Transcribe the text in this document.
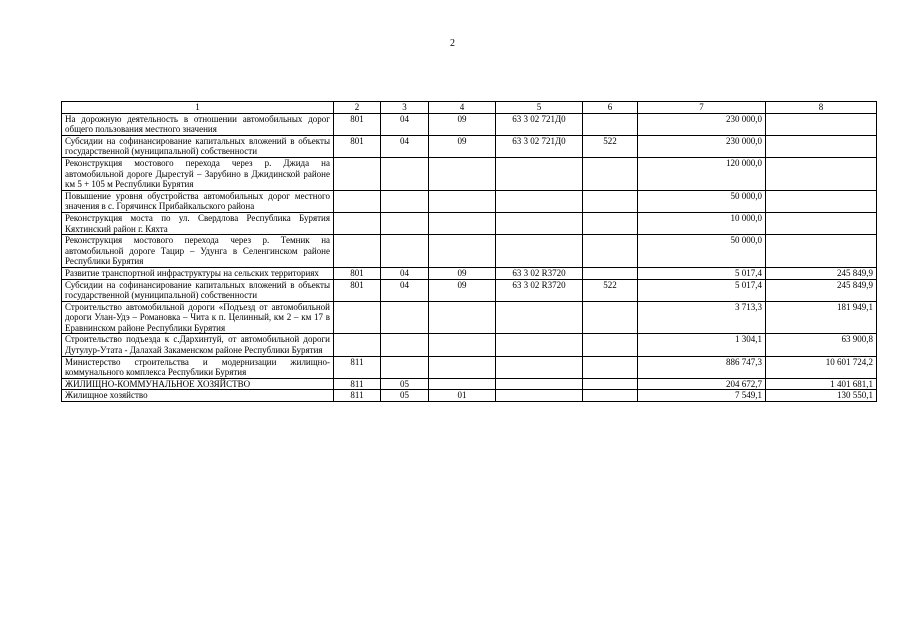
2
1	2	3	4	5	6	7	8
На дорожную деятельность в отношении автомобильных дорог общего пользования местного значения	801	04	09	63 3 02 721Д0		230 000,0	
Субсидии на софинансирование капитальных вложений в объекты государственной (муниципальной) собственности	801	04	09	63 3 02 721Д0	522	230 000,0	
Реконструкция мостового перехода через р. Джида на автомобильной дороге Дырестуй – Зарубино в Джидинской районе км 5 + 105 м Республики Бурятия						120 000,0	
Повышение уровня обустройства автомобильных дорог местного значения в с. Горячинск Прибайкальского района						50 000,0	
Реконструкция моста по ул. Свердлова Республика Бурятия Кяхтинский район г. Кяхта						10 000,0	
Реконструкция мостового перехода через р. Темник на автомобильной дороге Тацир – Удунга в Селенгинском районе Республики Бурятия						50 000,0	
Развитие транспортной инфраструктуры на сельских территориях	801	04	09	63 3 02 R3720		5 017,4	245 849,9
Субсидии на софинансирование капитальных вложений в объекты государственной (муниципальной) собственности	801	04	09	63 3 02 R3720	522	5 017,4	245 849,9
Строительство автомобильной дороги «Подъезд от автомобильной дороги Улан-Удэ – Романовка – Чита к п. Целинный, км 2 – км 17 в Еравнинском районе Республики Бурятия						3 713,3	181 949,1
Строительство подъезда к с.Дархинтуй, от автомобильной дороги Дутулур-Утата - Далахай Закаменском районе Республики Бурятия						1 304,1	63 900,8
Министерство строительства и модернизации жилищно-коммунального комплекса Республики Бурятия	811					886 747,3	10 601 724,2
ЖИЛИЩНО-КОММУНАЛЬНОЕ ХОЗЯЙСТВО	811	05				204 672,7	1 401 681,1
Жилищное хозяйство	811	05	01			7 549,1	130 550,1
